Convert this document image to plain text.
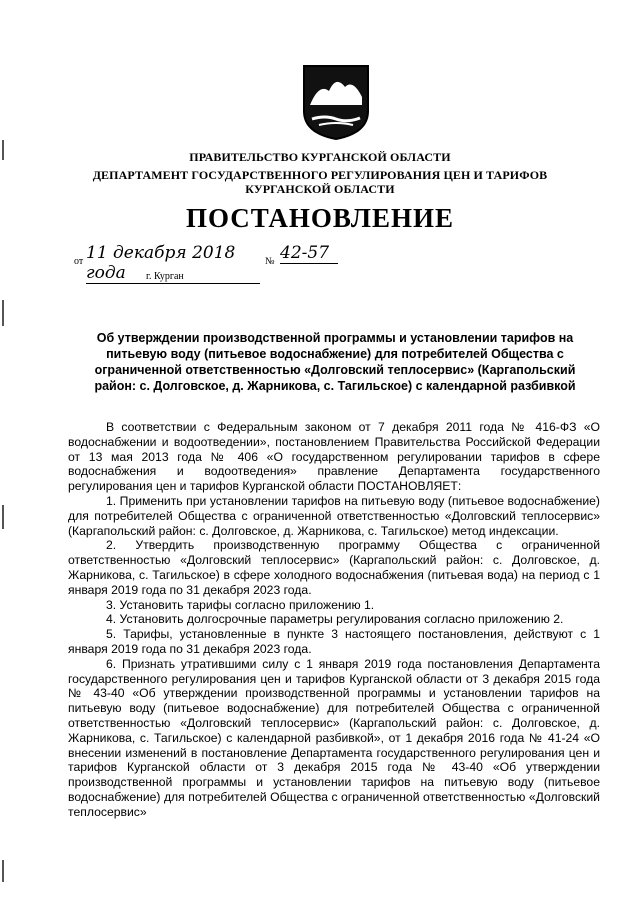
ПРАВИТЕЛЬСТВО КУРГАНСКОЙ ОБЛАСТИ
ДЕПАРТАМЕНТ ГОСУДАРСТВЕННОГО РЕГУЛИРОВАНИЯ ЦЕН И ТАРИФОВ
КУРГАНСКОЙ ОБЛАСТИ
ПОСТАНОВЛЕНИЕ
от 11 декабря 2018 года
№ 42-57
г. Курган
Об утверждении производственной программы и установлении тарифов на
питьевую воду (питьевое водоснабжение) для потребителей Общества с
ограниченной ответственностью «Долговский теплосервис» (Каргапольский
район: с. Долговское, д. Жарникова, с. Тагильское) с календарной разбивкой

В соответствии с Федеральным законом от 7 декабря 2011 года № 416-ФЗ «О водоснабжении и водоотведении», постановлением Правительства Российской Федерации от 13 мая 2013 года № 406 «О государственном регулировании тарифов в сфере водоснабжения и водоотведения» правление Департамента государственного регулирования цен и тарифов Курганской области ПОСТАНОВЛЯЕТ:

1. Применить при установлении тарифов на питьевую воду (питьевое водоснабжение) для потребителей Общества с ограниченной ответственностью «Долговский теплосервис» (Каргапольский район: с. Долговское, д. Жарникова, с. Тагильское) метод индексации.

2. Утвердить производственную программу Общества с ограниченной ответственностью «Долговский теплосервис» (Каргапольский район: с. Долговское, д. Жарникова, с. Тагильское) в сфере холодного водоснабжения (питьевая вода) на период с 1 января 2019 года по 31 декабря 2023 года.

3. Установить тарифы согласно приложению 1.

4. Установить долгосрочные параметры регулирования согласно приложению 2.

5. Тарифы, установленные в пункте 3 настоящего постановления, действуют с 1 января 2019 года по 31 декабря 2023 года.

6. Признать утратившими силу с 1 января 2019 года постановления Департамента государственного регулирования цен и тарифов Курганской области от 3 декабря 2015 года № 43-40 «Об утверждении производственной программы и установлении тарифов на питьевую воду (питьевое водоснабжение) для потребителей Общества с ограниченной ответственностью «Долговский теплосервис» (Каргапольский район: с. Долговское, д. Жарникова, с. Тагильское) с календарной разбивкой», от 1 декабря 2016 года № 41-24 «О внесении изменений в постановление Департамента государственного регулирования цен и тарифов Курганской области от 3 декабря 2015 года № 43-40 «Об утверждении производственной программы и установлении тарифов на питьевую воду (питьевое водоснабжение) для потребителей Общества с ограниченной ответственностью «Долговский теплосервис»
